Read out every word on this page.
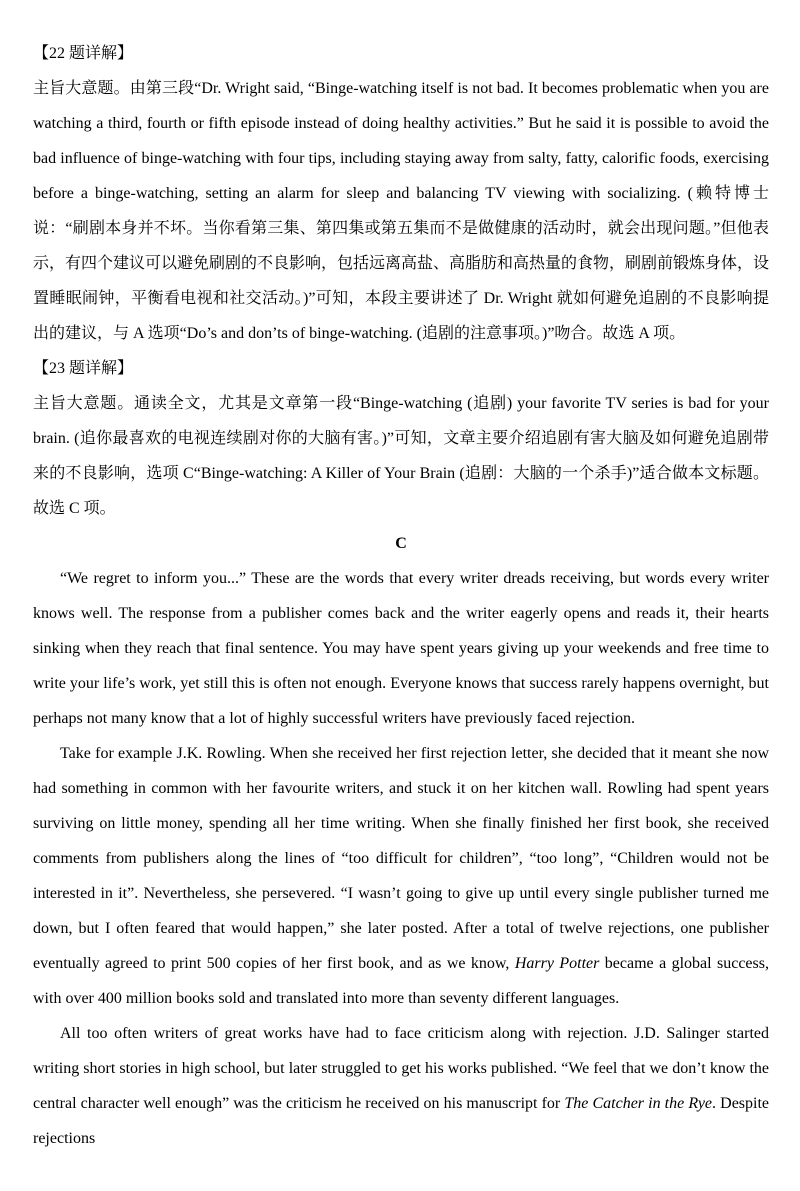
【22 题详解】

主旨大意题。由第三段“Dr. Wright said, “Binge-watching itself is not bad. It becomes problematic when you are watching a third, fourth or fifth episode instead of doing healthy activities.” But he said it is possible to avoid the bad influence of binge-watching with four tips, including staying away from salty, fatty, calorific foods, exercising before a binge-watching, setting an alarm for sleep and balancing TV viewing with socializing. (赖特博士说：“刷剧本身并不坏。当你看第三集、第四集或第五集而不是做健康的活动时，就会出现问题。”但他表示，有四个建议可以避免刷剧的不良影响，包括远离高盐、高脂肪和高热量的食物，刷剧前锻炼身体，设置睡眠闹钟，平衡看电视和社交活动。)”可知，本段主要讲述了 Dr. Wright 就如何避免追剧的不良影响提出的建议，与 A 选项“Do’s and don’ts of binge-watching. (追剧的注意事项。)”吻合。故选 A 项。

【23 题详解】

主旨大意题。通读全文，尤其是文章第一段“Binge-watching (追剧) your favorite TV series is bad for your brain. (追你最喜欢的电视连续剧对你的大脑有害。)”可知，文章主要介绍追剧有害大脑及如何避免追剧带来的不良影响，选项 C“Binge-watching: A Killer of Your Brain (追剧：大脑的一个杀手)”适合做本文标题。故选 C 项。

C

“We regret to inform you...” These are the words that every writer dreads receiving, but words every writer knows well. The response from a publisher comes back and the writer eagerly opens and reads it, their hearts sinking when they reach that final sentence. You may have spent years giving up your weekends and free time to write your life’s work, yet still this is often not enough. Everyone knows that success rarely happens overnight, but perhaps not many know that a lot of highly successful writers have previously faced rejection.

Take for example J.K. Rowling. When she received her first rejection letter, she decided that it meant she now had something in common with her favourite writers, and stuck it on her kitchen wall. Rowling had spent years surviving on little money, spending all her time writing. When she finally finished her first book, she received comments from publishers along the lines of “too difficult for children”, “too long”, “Children would not be interested in it”. Nevertheless, she persevered. “I wasn’t going to give up until every single publisher turned me down, but I often feared that would happen,” she later posted. After a total of twelve rejections, one publisher eventually agreed to print 500 copies of her first book, and as we know, Harry Potter became a global success, with over 400 million books sold and translated into more than seventy different languages.

All too often writers of great works have had to face criticism along with rejection. J.D. Salinger started writing short stories in high school, but later struggled to get his works published. “We feel that we don’t know the central character well enough” was the criticism he received on his manuscript for The Catcher in the Rye. Despite rejections
